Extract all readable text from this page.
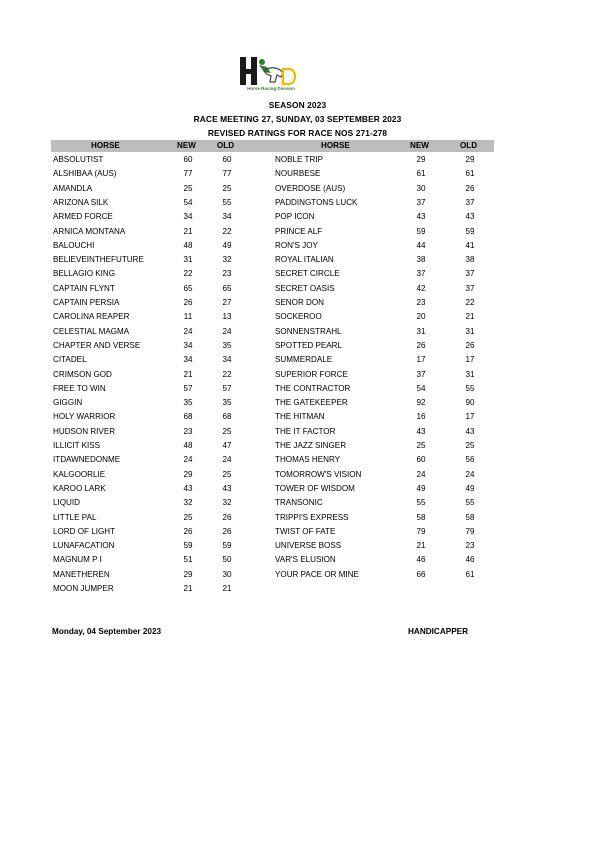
Horse Racing Division
SEASON 2023
RACE MEETING 27, SUNDAY, 03 SEPTEMBER 2023
REVISED RATINGS FOR RACE NOS 271-278
HORSE	NEW	OLD	HORSE	NEW	OLD
ABSOLUTIST	60	60	NOBLE TRIP	29	29
ALSHIBAA (AUS)	77	77	NOURBESE	61	61
AMANDLA	25	25	OVERDOSE (AUS)	30	26
ARIZONA SILK	54	55	PADDINGTONS LUCK	37	37
ARMED FORCE	34	34	POP ICON	43	43
ARNICA MONTANA	21	22	PRINCE ALF	59	59
BALOUCHI	48	49	RON'S JOY	44	41
BELIEVEINTHEFUTURE	31	32	ROYAL ITALIAN	38	38
BELLAGIO KING	22	23	SECRET CIRCLE	37	37
CAPTAIN FLYNT	65	65	SECRET OASIS	42	37
CAPTAIN PERSIA	26	27	SENOR DON	23	22
CAROLINA REAPER	11	13	SOCKEROO	20	21
CELESTIAL MAGMA	24	24	SONNENSTRAHL	31	31
CHAPTER AND VERSE	34	35	SPOTTED PEARL	26	26
CITADEL	34	34	SUMMERDALE	17	17
CRIMSON GOD	21	22	SUPERIOR FORCE	37	31
FREE TO WIN	57	57	THE CONTRACTOR	54	55
GIGGIN	35	35	THE GATEKEEPER	92	90
HOLY WARRIOR	68	68	THE HITMAN	16	17
HUDSON RIVER	23	25	THE IT FACTOR	43	43
ILLICIT KISS	48	47	THE JAZZ SINGER	25	25
ITDAWNEDONME	24	24	THOMAS HENRY	60	56
KALGOORLIE	29	25	TOMORROW'S VISION	24	24
KAROO LARK	43	43	TOWER OF WISDOM	49	49
LIQUID	32	32	TRANSONIC	55	55
LITTLE PAL	25	26	TRIPPI'S EXPRESS	58	58
LORD OF LIGHT	26	26	TWIST OF FATE	79	79
LUNAFACATION	59	59	UNIVERSE BOSS	21	23
MAGNUM P I	51	50	VAR'S ELUSION	46	46
MANETHEREN	29	30	YOUR PACE OR MINE	66	61
MOON JUMPER	21	21
Monday, 04 September 2023	HANDICAPPER
`
